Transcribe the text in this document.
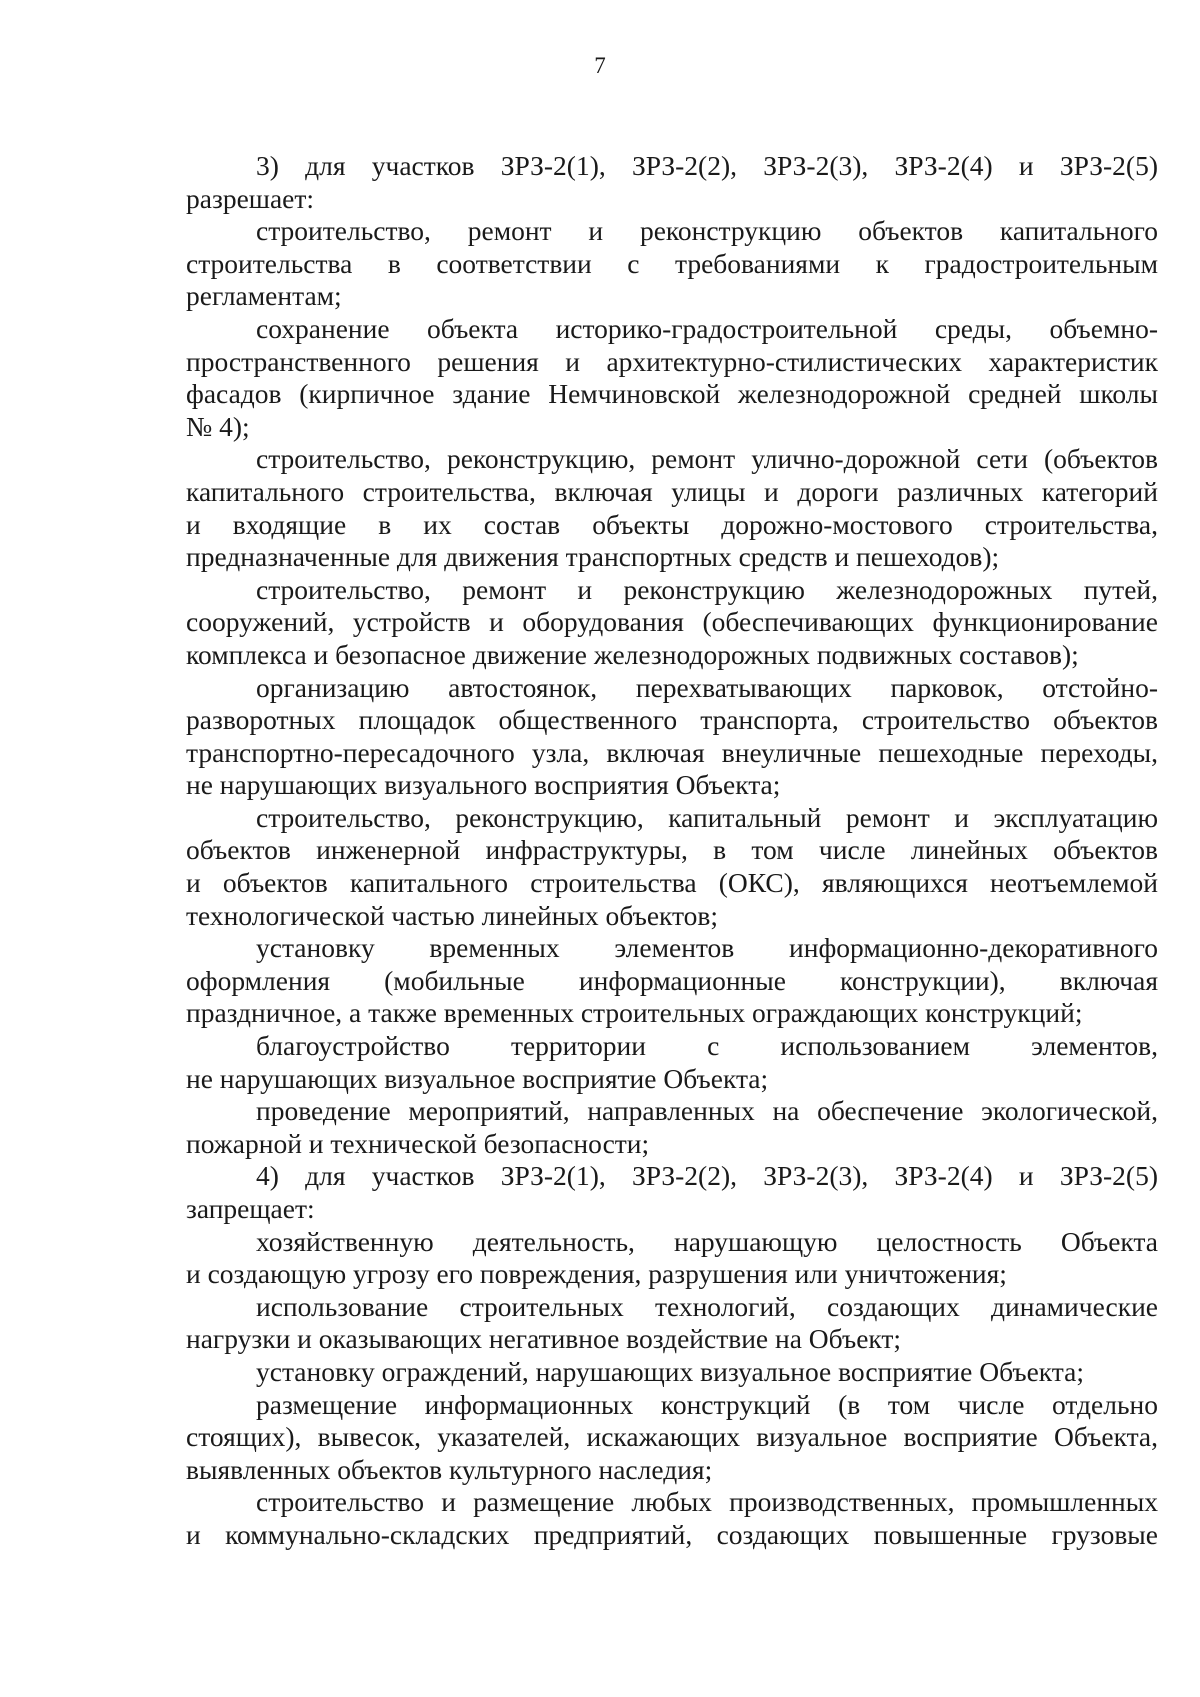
7
3) для участков ЗРЗ-2(1), ЗРЗ-2(2), ЗРЗ-2(3), ЗРЗ-2(4) и ЗРЗ-2(5)
разрешает:
строительство, ремонт и реконструкцию объектов капитального
строительства в соответствии с требованиями к градостроительным
регламентам;
сохранение объекта историко-градостроительной среды, объемно-
пространственного решения и архитектурно-стилистических характеристик
фасадов (кирпичное здание Немчиновской железнодорожной средней школы
№ 4);
строительство, реконструкцию, ремонт улично-дорожной сети (объектов
капитального строительства, включая улицы и дороги различных категорий
и входящие в их состав объекты дорожно-мостового строительства,
предназначенные для движения транспортных средств и пешеходов);
строительство, ремонт и реконструкцию железнодорожных путей,
сооружений, устройств и оборудования (обеспечивающих функционирование
комплекса и безопасное движение железнодорожных подвижных составов);
организацию автостоянок, перехватывающих парковок, отстойно-
разворотных площадок общественного транспорта, строительство объектов
транспортно-пересадочного узла, включая внеуличные пешеходные переходы,
не нарушающих визуального восприятия Объекта;
строительство, реконструкцию, капитальный ремонт и эксплуатацию
объектов инженерной инфраструктуры, в том числе линейных объектов
и объектов капитального строительства (ОКС), являющихся неотъемлемой
технологической частью линейных объектов;
установку временных элементов информационно-декоративного
оформления (мобильные информационные конструкции), включая
праздничное, а также временных строительных ограждающих конструкций;
благоустройство территории с использованием элементов,
не нарушающих визуальное восприятие Объекта;
проведение мероприятий, направленных на обеспечение экологической,
пожарной и технической безопасности;
4) для участков ЗРЗ-2(1), ЗРЗ-2(2), ЗРЗ-2(3), ЗРЗ-2(4) и ЗРЗ-2(5)
запрещает:
хозяйственную деятельность, нарушающую целостность Объекта
и создающую угрозу его повреждения, разрушения или уничтожения;
использование строительных технологий, создающих динамические
нагрузки и оказывающих негативное воздействие на Объект;
установку ограждений, нарушающих визуальное восприятие Объекта;
размещение информационных конструкций (в том числе отдельно
стоящих), вывесок, указателей, искажающих визуальное восприятие Объекта,
выявленных объектов культурного наследия;
строительство и размещение любых производственных, промышленных
и коммунально-складских предприятий, создающих повышенные грузовые
